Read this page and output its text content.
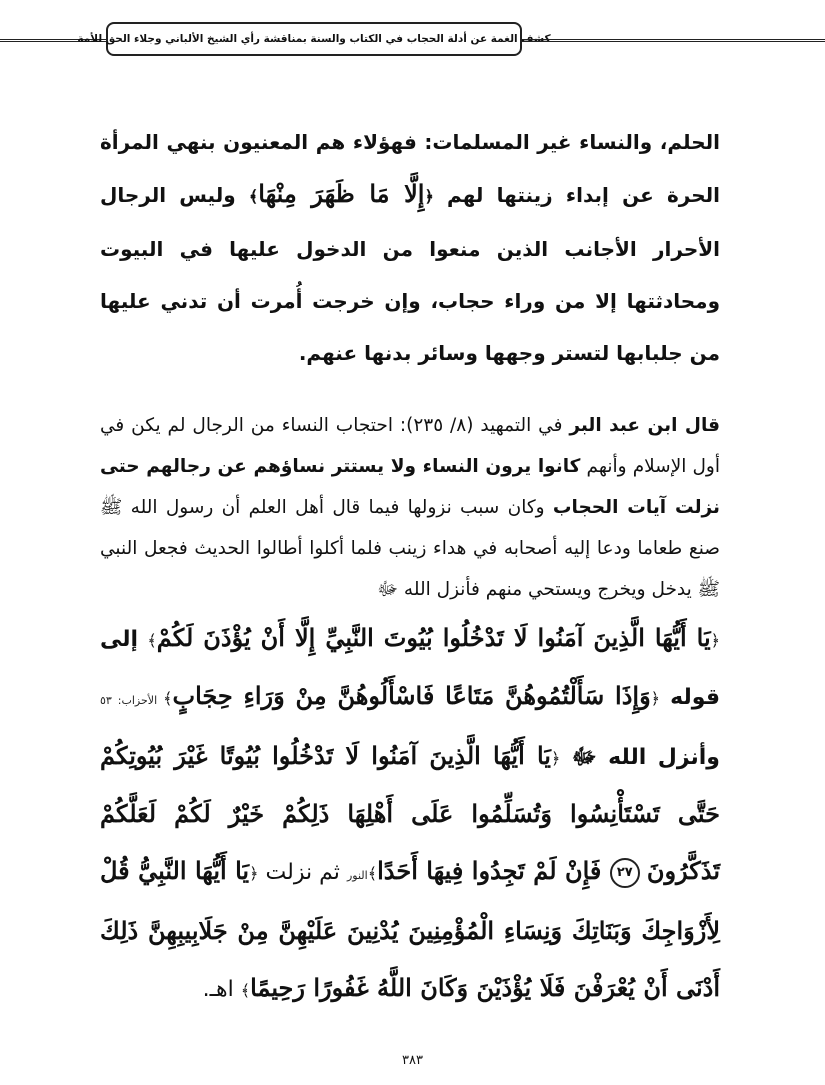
كشف الغمة عن أدلة الحجاب في الكتاب والسنة بمناقشة رأي الشيخ الألباني وجلاء الحق للأمة

الحلم، والنساء غير المسلمات: فهؤلاء هم المعنيون بنهي المرأة الحرة عن إبداء زينتها لهم ﴿إِلَّا مَا ظَهَرَ مِنْهَا﴾ وليس الرجال الأحرار الأجانب الذين منعوا من الدخول عليها في البيوت ومحادثتها إلا من وراء حجاب، وإن خرجت أُمرت أن تدني عليها من جلبابها لتستر وجهها وسائر بدنها عنهم.

قال ابن عبد البر في التمهيد (٨/ ٢٣٥): احتجاب النساء من الرجال لم يكن في أول الإسلام وأنهم كانوا يرون النساء ولا يستتر نساؤهم عن رجالهم حتى نزلت آيات الحجاب وكان سبب نزولها فيما قال أهل العلم أن رسول الله ﷺ صنع طعاما ودعا إليه أصحابه في هداء زينب فلما أكلوا أطالوا الحديث فجعل النبي ﷺ يدخل ويخرج ويستحي منهم فأنزل الله ﷻ

﴿يَا أَيُّهَا الَّذِينَ آمَنُوا لَا تَدْخُلُوا بُيُوتَ النَّبِيِّ إِلَّا أَنْ يُؤْذَنَ لَكُمْ﴾ إلى قوله ﴿وَإِذَا سَأَلْتُمُوهُنَّ مَتَاعًا فَاسْأَلُوهُنَّ مِنْ وَرَاءِ حِجَابٍ﴾ الأحزاب: ٥٣ وأنزل الله ﷻ ﴿يَا أَيُّهَا الَّذِينَ آمَنُوا لَا تَدْخُلُوا بُيُوتًا غَيْرَ بُيُوتِكُمْ حَتَّى تَسْتَأْنِسُوا وَتُسَلِّمُوا عَلَى أَهْلِهَا ذَلِكُمْ خَيْرٌ لَكُمْ لَعَلَّكُمْ تَذَكَّرُونَ ٢٧ فَإِنْ لَمْ تَجِدُوا فِيهَا أَحَدًا﴾النور ثم نزلت ﴿يَا أَيُّهَا النَّبِيُّ قُلْ لِأَزْوَاجِكَ وَبَنَاتِكَ وَنِسَاءِ الْمُؤْمِنِينَ يُدْنِينَ عَلَيْهِنَّ مِنْ جَلَابِيبِهِنَّ ذَلِكَ أَدْنَى أَنْ يُعْرَفْنَ فَلَا يُؤْذَيْنَ وَكَانَ اللَّهُ غَفُورًا رَحِيمًا﴾ اهـ.

٣٨٣
